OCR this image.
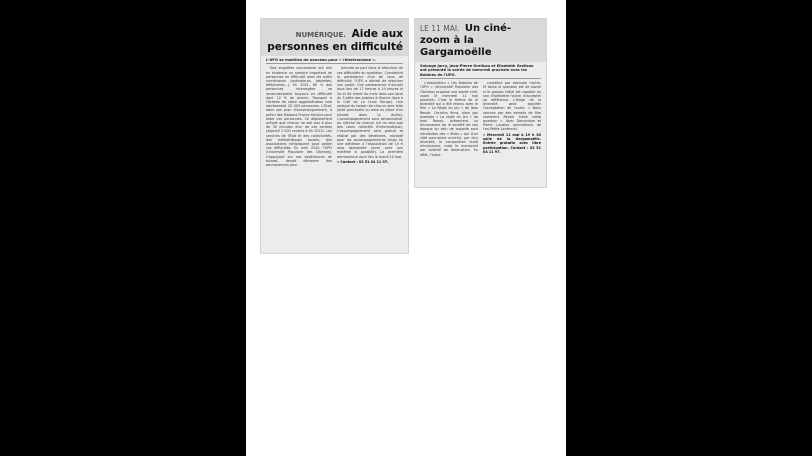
NUMÉRIQUE. Aide aux personnes en difficulté
L'UPO se mobilise de nouveau pour « l'électronisme ».

Des enquêtes successives ont mis en évidence un nombre important de personnes en difficulté avec les outils numériques (ordinateurs, tablettes, téléphones...). En 2021, 80 % des personnes interrogées se reconnaissaient toujours en difficulté dont 12 % de jeunes. Transpoil à l'échelle de notre agglomération cela représentait 20 000 personnes. L'État, dans son plan d'accompagnement, a prévu des Maisons France Service pour aider ces personnes. Ce déploiement prévoit que chacun ne soit pas à plus de 30 minutes d'un de ces centres (objectif 2 000 centres à fin 2022). Les services de l'État et des collectivités, des médiathèques locales, des associations s'impliquent pour pallier ces difficultés. En avril 2020, l'UPO (Université Populaire des Olonnes), s'appuyant sur ses expériences de tutorat, devait démarrer des permanences pour

prendre sa part dans la réduction de ces difficultés du quotidien. Constatant la persistance d'un tel taux de difficulté, l'UPO a décidé de réactiver son projet. Une permanence d'accueil aura lieu de 17 heures à 19 heures le 2e et 4e mardi du mois dans son local du 3 allée des Aubiers à Olonne (face à la Cité de La Croix Rouge). Une analyse du besoin de chacun sera faite (aide ponctuelle ou mise en place d'un tutorat dans la durée). L'accompagnement sera personnalisé, au rythme de chacun (ce ne sera pas des cours collectifs d'informatique). L'accompagnement sera gratuit et réalisé par des bénévoles, excepté pour les accompagnements longs où une adhésion à l'association de 10 € sera demandée (avec avec son matériel si possible). La première permanence aura lieu le mardi 10 mai.

» Contact : 02 51 04 11 97.
LE 11 MAI. Un ciné-zoom à la Gargamoëlle
Solange Jarry, Jean-Pierre Greilsau et Elisabeth Greilsau ont présenté la soirée de mercredi prochain avec les Bobines de l'UPO.

L'association « Les Bobines de l'UPO » (Université Populaire des Olonnes) propose une soirée ciné-zoom le mercredi 11 mai prochain. C'est le thème de la diversité qui a été retenu avec le film « La Règle du jeu » de Jean Renoir. Certains films, alors par exemple « La règle du jeu » de Jean Renoir, présentent un microcosme de la société de son époque au sein de laquelle sont introduites des « êtres » qui d'un côté pourraient enrichir, par leur diversité, la composition dudit microcosme, mais le menacent par volonté de destruction. En effet, l'autre

constitue par exemple l'autre. Et toute la question est de savoir si le groupe initial est capable ou non d'admettre l'autre, d'accepter sa différence. L'éloge de la diversité peut signifier l'acceptation de l'autre. « Nous verrons par des extraits de film comment Renoir traite cette question ». Avec Dominique et Pierre Laudiso (animateurs de l'ex-Petite Lanterne).

» Mercredi 11 mai à 19 h 30 salle de la Gargamoëlle. Entrée gratuite avec libre participation. Contact : 02 51 04 11 97.
